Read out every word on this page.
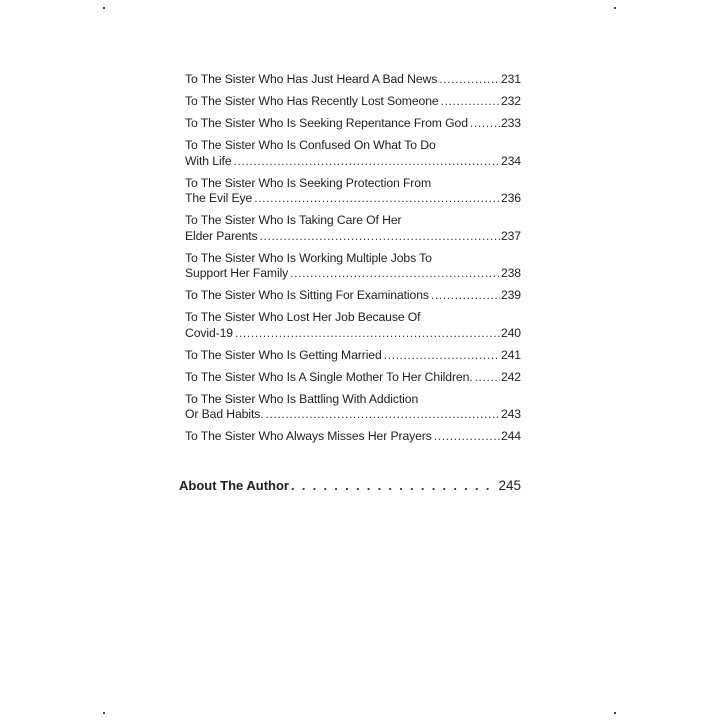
To The Sister Who Has Just Heard A Bad News . . .	231
To The Sister Who Has Recently Lost Someone . . .	232
To The Sister Who Is Seeking Repentance From God . . .	233
To The Sister Who Is Confused On What To Do
With Life . . .	234
To The Sister Who Is Seeking Protection From
The Evil Eye . . .	236
To The Sister Who Is Taking Care Of Her
Elder Parents . . .	237
To The Sister Who Is Working Multiple Jobs To
Support Her Family . . .	238
To The Sister Who Is Sitting For Examinations . . .	239
To The Sister Who Lost Her Job Because Of
Covid-19 . . .	240
To The Sister Who Is Getting Married . . .	241
To The Sister Who Is A Single Mother To Her Children. . . . 242
To The Sister Who Is Battling With Addiction
Or Bad Habits. . . .	243
To The Sister Who Always Misses Her Prayers . . .	244
About The Author . . .	245
